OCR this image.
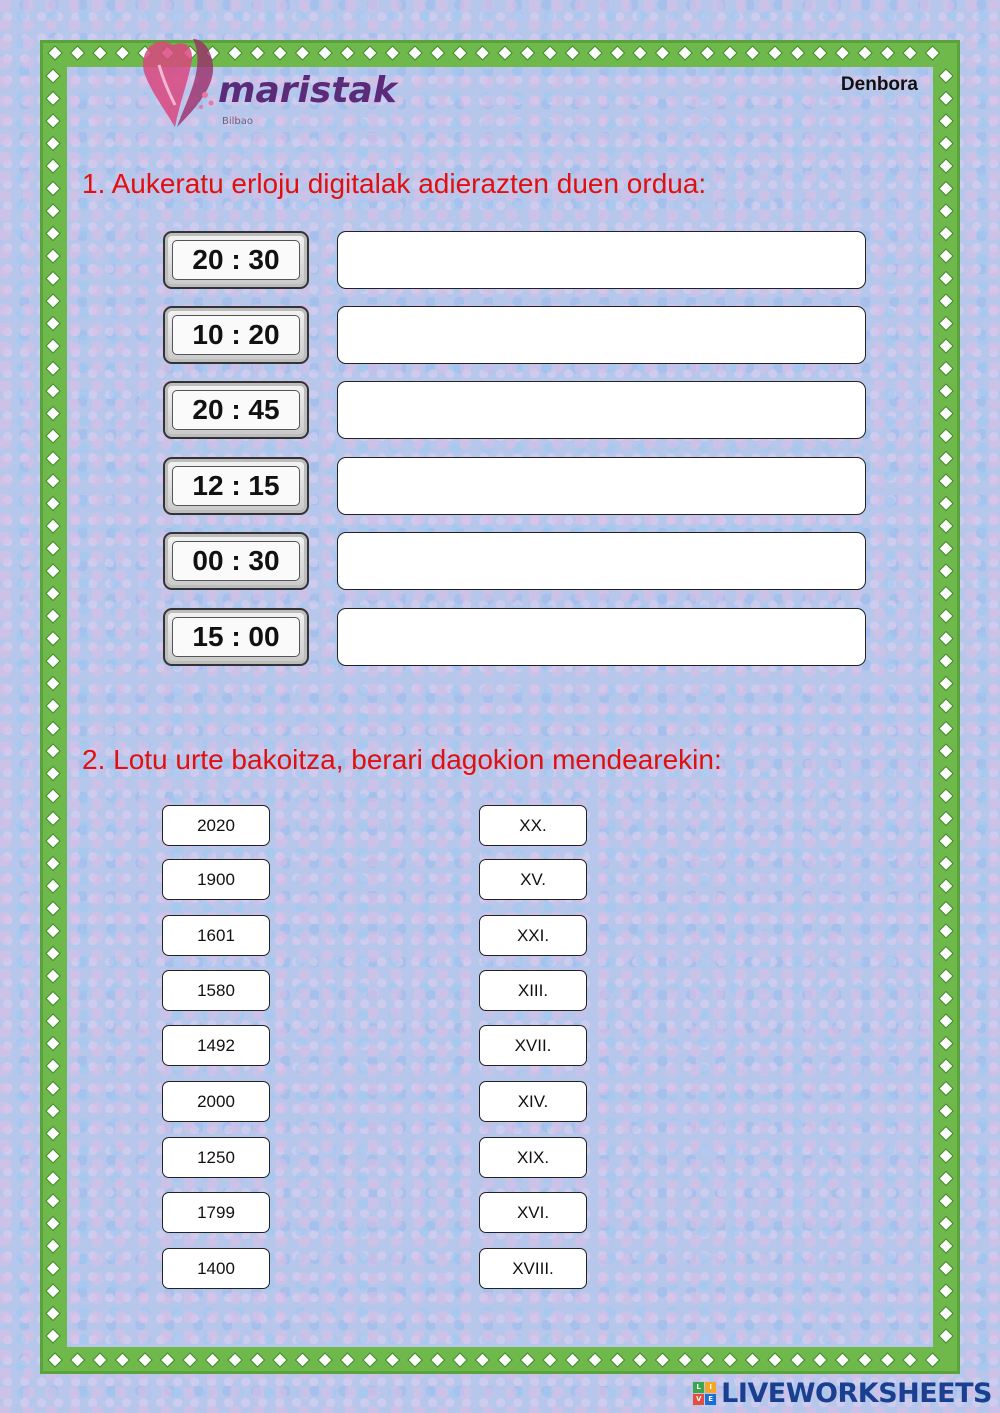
maristak
Bilbao
Denbora
1. Aukeratu erloju digitalak adierazten duen ordua:
20 : 30
10 : 20
20 : 45
12 : 15
00 : 30
15 : 00
2. Lotu urte bakoitza, berari dagokion mendearekin:
2020
1900
1601
1580
1492
2000
1250
1799
1400
XX.
XV.
XXI.
XIII.
XVII.
XIV.
XIX.
XVI.
XVIII.
L	I
V E LIVEWORKSHEETS
